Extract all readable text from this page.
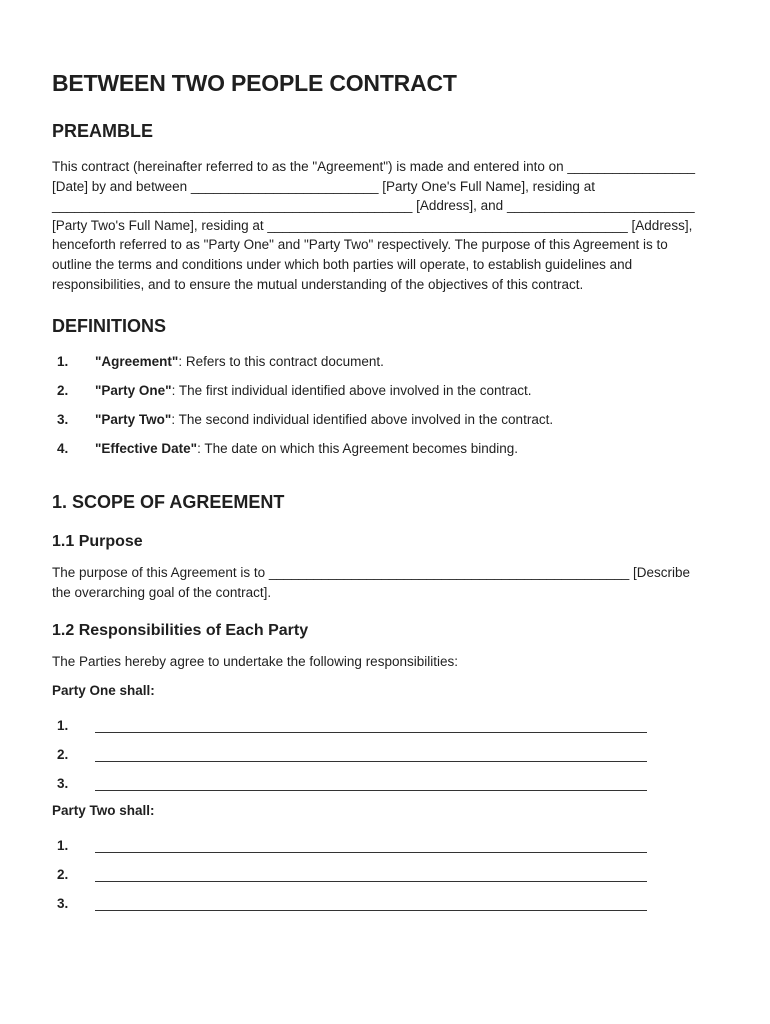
BETWEEN TWO PEOPLE CONTRACT
PREAMBLE

This contract (hereinafter referred to as the "Agreement") is made and entered into on _________________ [Date] by and between _________________________ [Party One's Full Name], residing at ________________________________________________ [Address], and _________________________ [Party Two's Full Name], residing at ________________________________________________ [Address], henceforth referred to as "Party One" and "Party Two" respectively. The purpose of this Agreement is to outline the terms and conditions under which both parties will operate, to establish guidelines and responsibilities, and to ensure the mutual understanding of the objectives of this contract.

DEFINITIONS
1.	"Agreement": Refers to this contract document.
2.	"Party One": The first individual identified above involved in the contract.
3.	"Party Two": The second individual identified above involved in the contract.
4.	"Effective Date": The date on which this Agreement becomes binding.
1. SCOPE OF AGREEMENT
1.1 Purpose

The purpose of this Agreement is to ________________________________________________ [Describe the overarching goal of the contract].

1.2 Responsibilities of Each Party

The Parties hereby agree to undertake the following responsibilities:

Party One shall:
1.
2.
3.
Party Two shall:
1.
2.
3.
